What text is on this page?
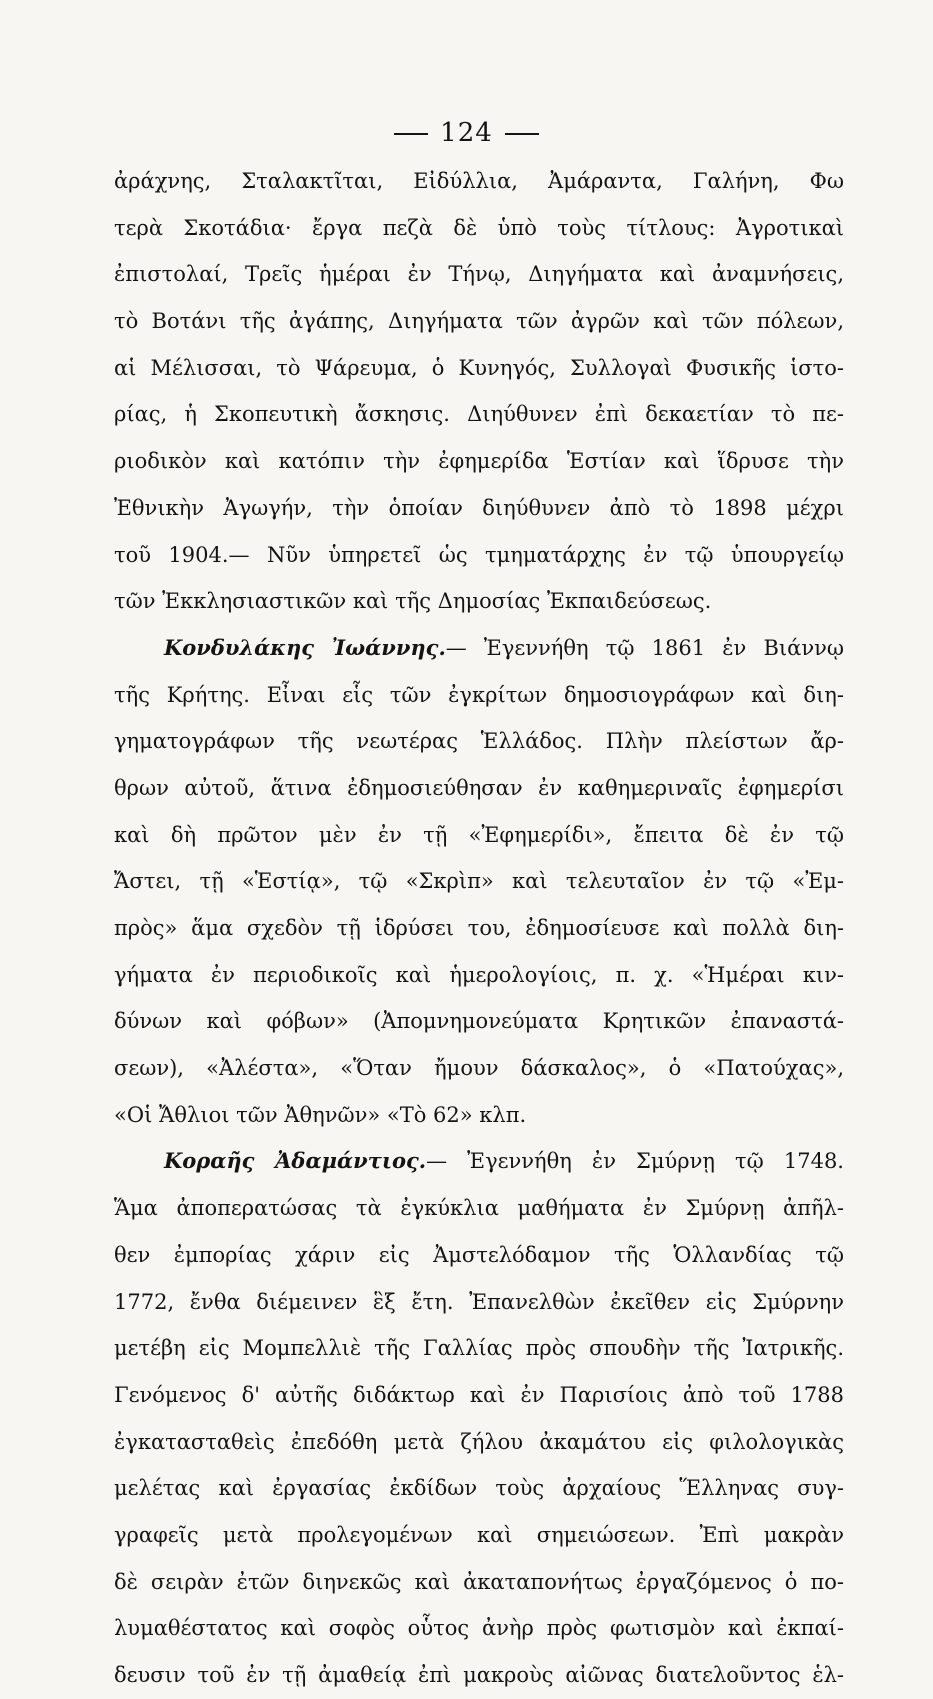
124
ἀράχνης, Σταλακτῖται, Εἰδύλλια, Ἀμάραντα, Γαλήνη, Φω
τερὰ Σκοτάδια· ἔργα πεζὰ δὲ ὑπὸ τοὺς τίτλους: Ἀγροτικαὶ
ἐπιστολαί, Τρεῖς ἡμέραι ἐν Τήνῳ, Διηγήματα καὶ ἀναμνήσεις,
τὸ Βοτάνι τῆς ἀγάπης, Διηγήματα τῶν ἀγρῶν καὶ τῶν πόλεων,
αἱ Μέλισσαι, τὸ Ψάρευμα, ὁ Κυνηγός, Συλλογαὶ Φυσικῆς ἱστο-
ρίας, ἡ Σκοπευτικὴ ἄσκησις. Διηύθυνεν ἐπὶ δεκαετίαν τὸ πε-
ριοδικὸν καὶ κατόπιν τὴν ἐφημερίδα Ἑστίαν καὶ ἵδρυσε τὴν
Ἐθνικὴν Ἀγωγήν, τὴν ὁποίαν διηύθυνεν ἀπὸ τὸ 1898 μέχρι
τοῦ 1904.— Νῦν ὑπηρετεῖ ὡς τμηματάρχης ἐν τῷ ὑπουργείῳ
τῶν Ἐκκλησιαστικῶν καὶ τῆς Δημοσίας Ἐκπαιδεύσεως.
Κονδυλάκης Ἰωάννης.— Ἐγεννήθη τῷ 1861 ἐν Βιάννῳ
τῆς Κρήτης. Εἶναι εἷς τῶν ἐγκρίτων δημοσιογράφων καὶ διη-
γηματογράφων τῆς νεωτέρας Ἑλλάδος. Πλὴν πλείστων ἄρ-
θρων αὐτοῦ, ἅτινα ἐδημοσιεύθησαν ἐν καθημεριναῖς ἐφημερίσι
καὶ δὴ πρῶτον μὲν ἐν τῇ «Ἐφημερίδι», ἔπειτα δὲ ἐν τῷ
Ἄστει, τῇ «Ἑστίᾳ», τῷ «Σκρὶπ» καὶ τελευταῖον ἐν τῷ «Ἐμ-
πρὸς» ἅμα σχεδὸν τῇ ἱδρύσει του, ἐδημοσίευσε καὶ πολλὰ διη-
γήματα ἐν περιοδικοῖς καὶ ἡμερολογίοις, π. χ. «Ἡμέραι κιν-
δύνων καὶ φόβων» (Ἀπομνημονεύματα Κρητικῶν ἐπαναστά-
σεων), «Ἀλέστα», «Ὅταν ἤμουν δάσκαλος», ὁ «Πατούχας»,
«Οἱ Ἄθλιοι τῶν Ἀθηνῶν» «Τὸ 62» κλπ.
Κοραῆς Ἀδαμάντιος.— Ἐγεννήθη ἐν Σμύρνῃ τῷ 1748.
Ἅμα ἀποπερατώσας τὰ ἐγκύκλια μαθήματα ἐν Σμύρνῃ ἀπῆλ-
θεν ἐμπορίας χάριν εἰς Ἀμστελόδαμον τῆς Ὁλλανδίας τῷ
1772, ἔνθα διέμεινεν ἓξ ἔτη. Ἐπανελθὼν ἐκεῖθεν εἰς Σμύρνην
μετέβη εἰς Μομπελλιὲ τῆς Γαλλίας πρὸς σπουδὴν τῆς Ἰατρικῆς.
Γενόμενος δ' αὐτῆς διδάκτωρ καὶ ἐν Παρισίοις ἀπὸ τοῦ 1788
ἐγκατασταθεὶς ἐπεδόθη μετὰ ζήλου ἀκαμάτου εἰς φιλολογικὰς
μελέτας καὶ ἐργασίας ἐκδίδων τοὺς ἀρχαίους Ἕλληνας συγ-
γραφεῖς μετὰ προλεγομένων καὶ σημειώσεων. Ἐπὶ μακρὰν
δὲ σειρὰν ἐτῶν διηνεκῶς καὶ ἀκαταπονήτως ἐργαζόμενος ὁ πο-
λυμαθέστατος καὶ σοφὸς οὗτος ἀνὴρ πρὸς φωτισμὸν καὶ ἐκπαί-
δευσιν τοῦ ἐν τῇ ἀμαθείᾳ ἐπὶ μακροὺς αἰῶνας διατελοῦντος ἑλ-
